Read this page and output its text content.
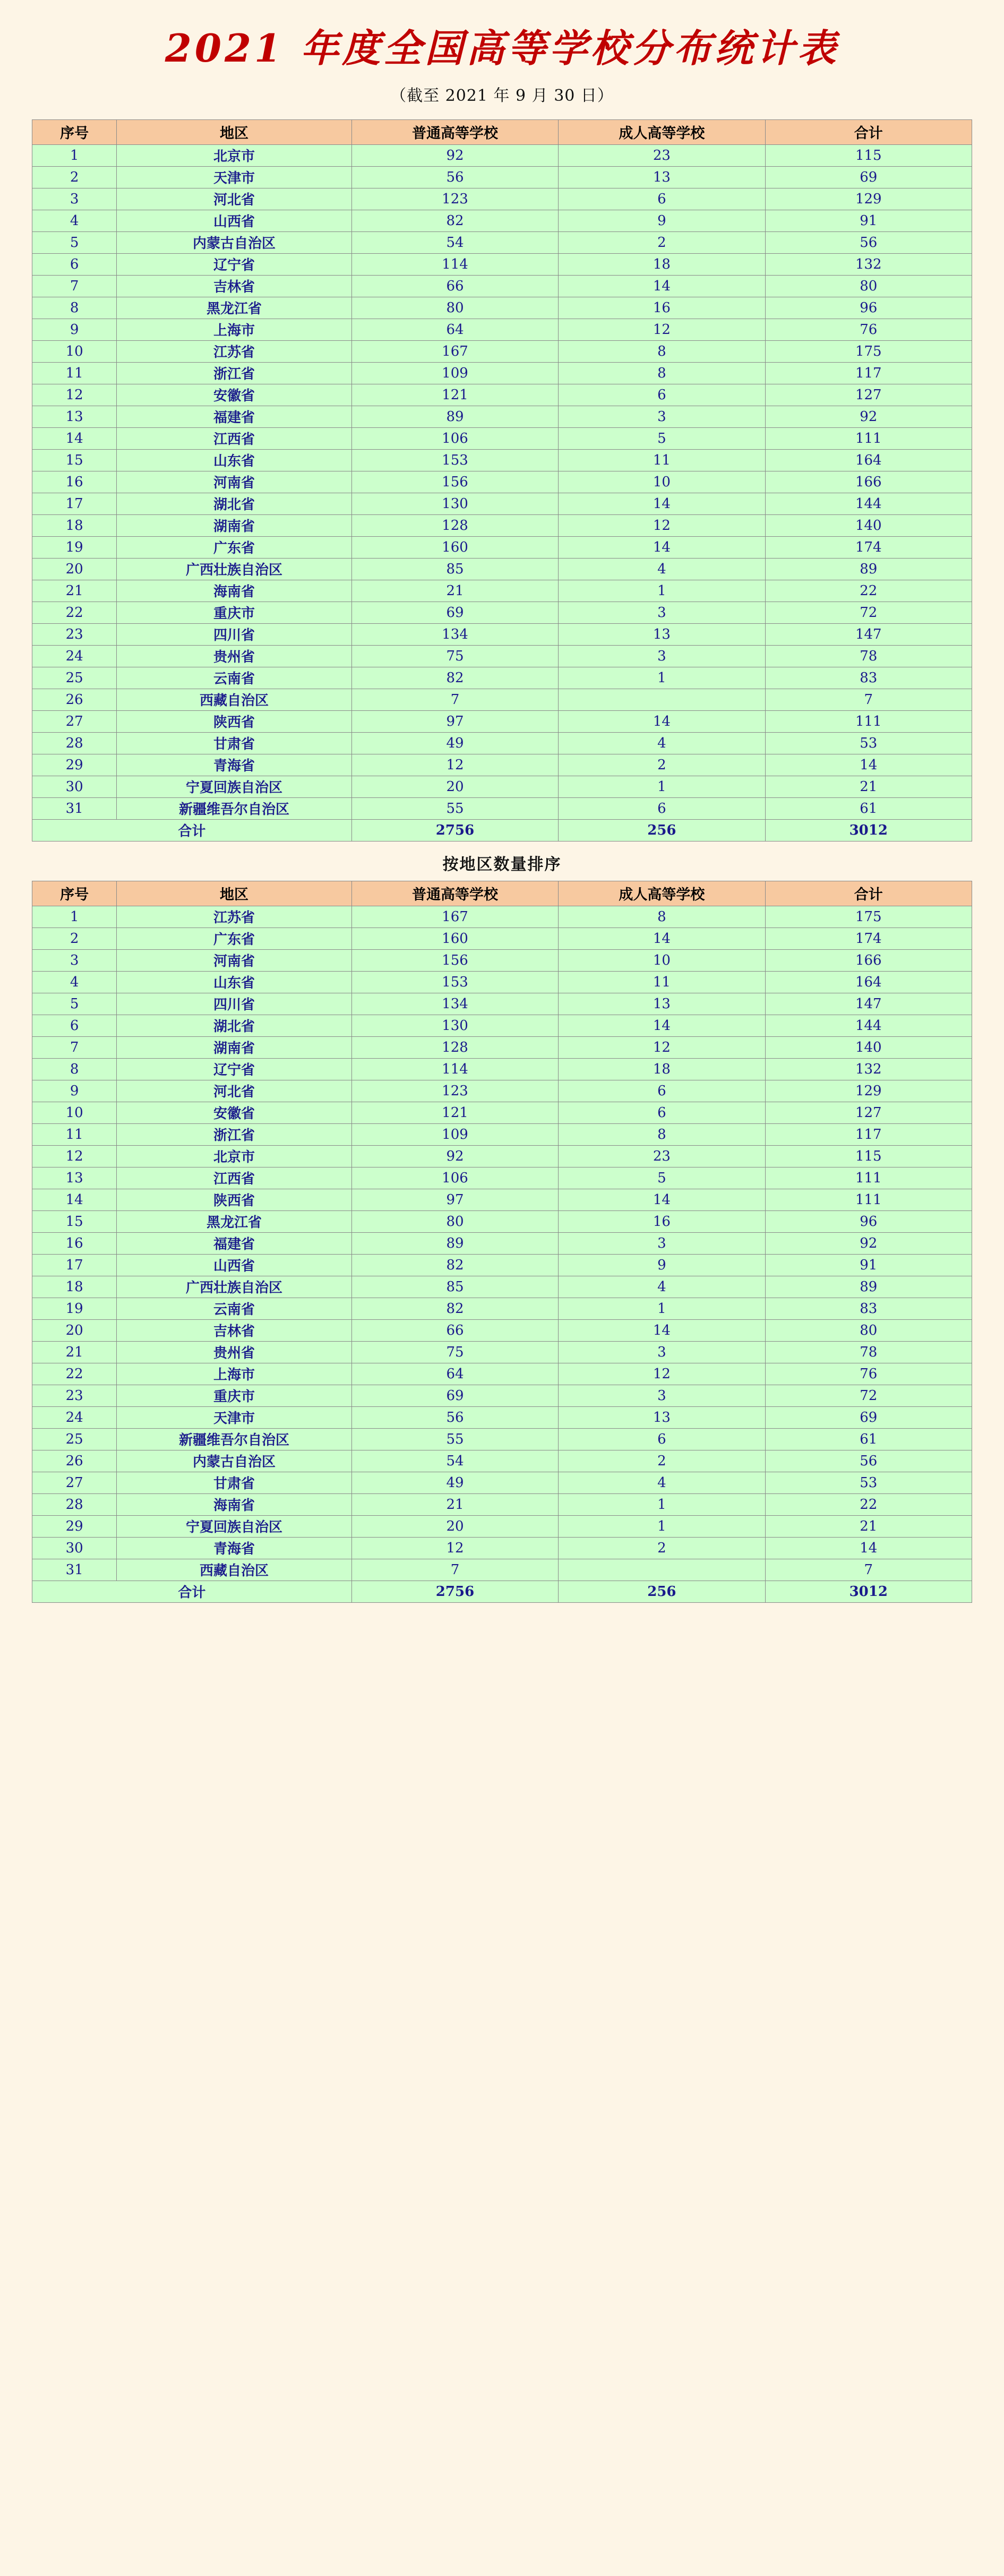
2021 年度全国高等学校分布统计表
（截至 2021 年 9 月 30 日）
序号	地区	普通高等学校	成人高等学校	合计
1	北京市	92	23	115
2	天津市	56	13	69
3	河北省	123	6	129
4	山西省	82	9	91
5	内蒙古自治区	54	2	56
6	辽宁省	114	18	132
7	吉林省	66	14	80
8	黑龙江省	80	16	96
9	上海市	64	12	76
10	江苏省	167	8	175
11	浙江省	109	8	117
12	安徽省	121	6	127
13	福建省	89	3	92
14	江西省	106	5	111
15	山东省	153	11	164
16	河南省	156	10	166
17	湖北省	130	14	144
18	湖南省	128	12	140
19	广东省	160	14	174
20	广西壮族自治区	85	4	89
21	海南省	21	1	22
22	重庆市	69	3	72
23	四川省	134	13	147
24	贵州省	75	3	78
25	云南省	82	1	83
26	西藏自治区	7		7
27	陕西省	97	14	111
28	甘肃省	49	4	53
29	青海省	12	2	14
30	宁夏回族自治区	20	1	21
31	新疆维吾尔自治区	55	6	61
合计		2756	256	3012
按地区数量排序
序号	地区	普通高等学校	成人高等学校	合计
1	江苏省	167	8	175
2	广东省	160	14	174
3	河南省	156	10	166
4	山东省	153	11	164
5	四川省	134	13	147
6	湖北省	130	14	144
7	湖南省	128	12	140
8	辽宁省	114	18	132
9	河北省	123	6	129
10	安徽省	121	6	127
11	浙江省	109	8	117
12	北京市	92	23	115
13	江西省	106	5	111
14	陕西省	97	14	111
15	黑龙江省	80	16	96
16	福建省	89	3	92
17	山西省	82	9	91
18	广西壮族自治区	85	4	89
19	云南省	82	1	83
20	吉林省	66	14	80
21	贵州省	75	3	78
22	上海市	64	12	76
23	重庆市	69	3	72
24	天津市	56	13	69
25	新疆维吾尔自治区	55	6	61
26	内蒙古自治区	54	2	56
27	甘肃省	49	4	53
28	海南省	21	1	22
29	宁夏回族自治区	20	1	21
30	青海省	12	2	14
31	西藏自治区	7		7
合计		2756	256	3012
